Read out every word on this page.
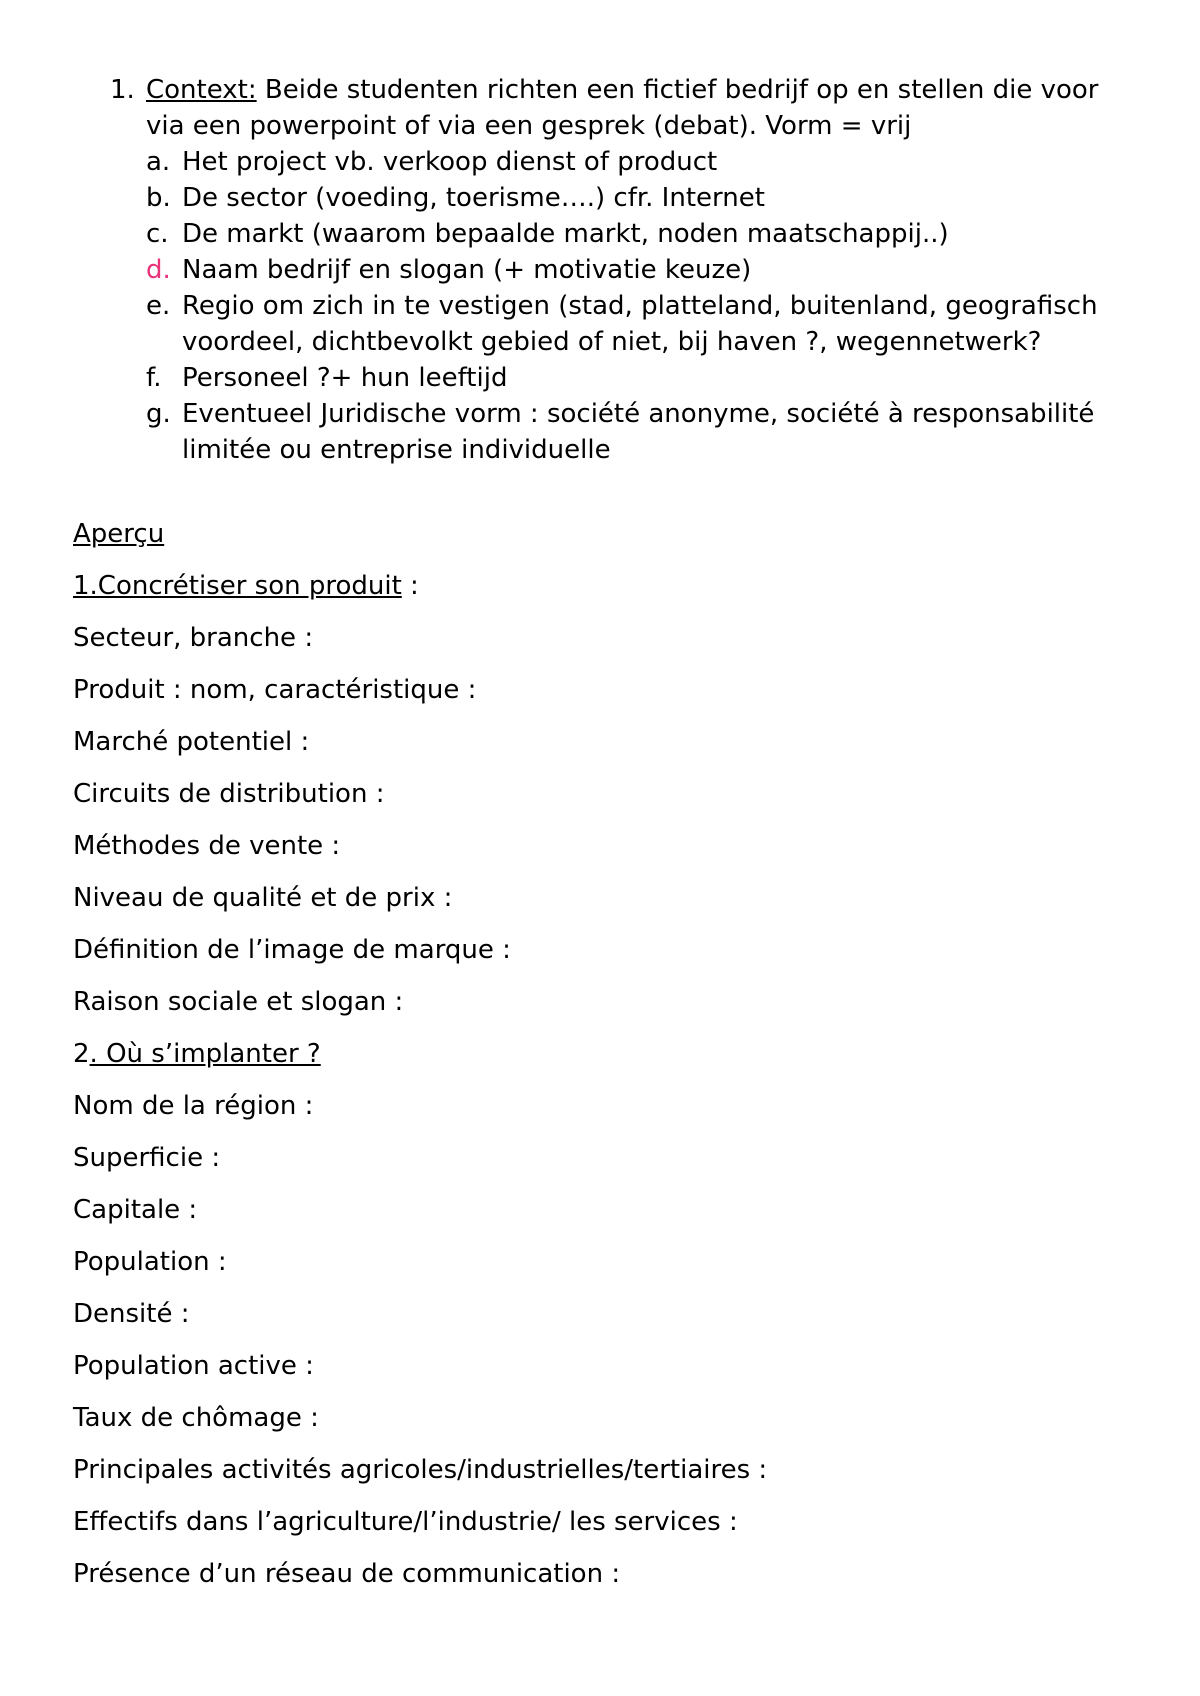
1. Context: Beide studenten richten een fictief bedrijf op en stellen die voor via een powerpoint of via een gesprek (debat). Vorm = vrij
a. Het project vb. verkoop dienst of product
b. De sector (voeding, toerisme….) cfr. Internet
c. De markt (waarom bepaalde markt, noden maatschappij..)
d. Naam bedrijf en slogan (+ motivatie keuze)
e. Regio om zich in te vestigen (stad, platteland, buitenland, geografisch voordeel, dichtbevolkt gebied of niet, bij haven ?, wegennetwerk?
f. Personeel ?+ hun leeftijd
g. Eventueel Juridische vorm : société anonyme, société à responsabilité limitée ou entreprise individuelle
Aperçu
1.Concrétiser son produit :
Secteur, branche :
Produit : nom, caractéristique :
Marché potentiel :
Circuits de distribution :
Méthodes de vente :
Niveau de qualité et de prix :
Définition de l’image de marque :
Raison sociale et slogan :
2. Où s’implanter ?
Nom de la région :
Superficie :
Capitale :
Population :
Densité :
Population active :
Taux de chômage :
Principales activités agricoles/industrielles/tertiaires :
Effectifs dans l’agriculture/l’industrie/ les services :
Présence d’un réseau de communication :
